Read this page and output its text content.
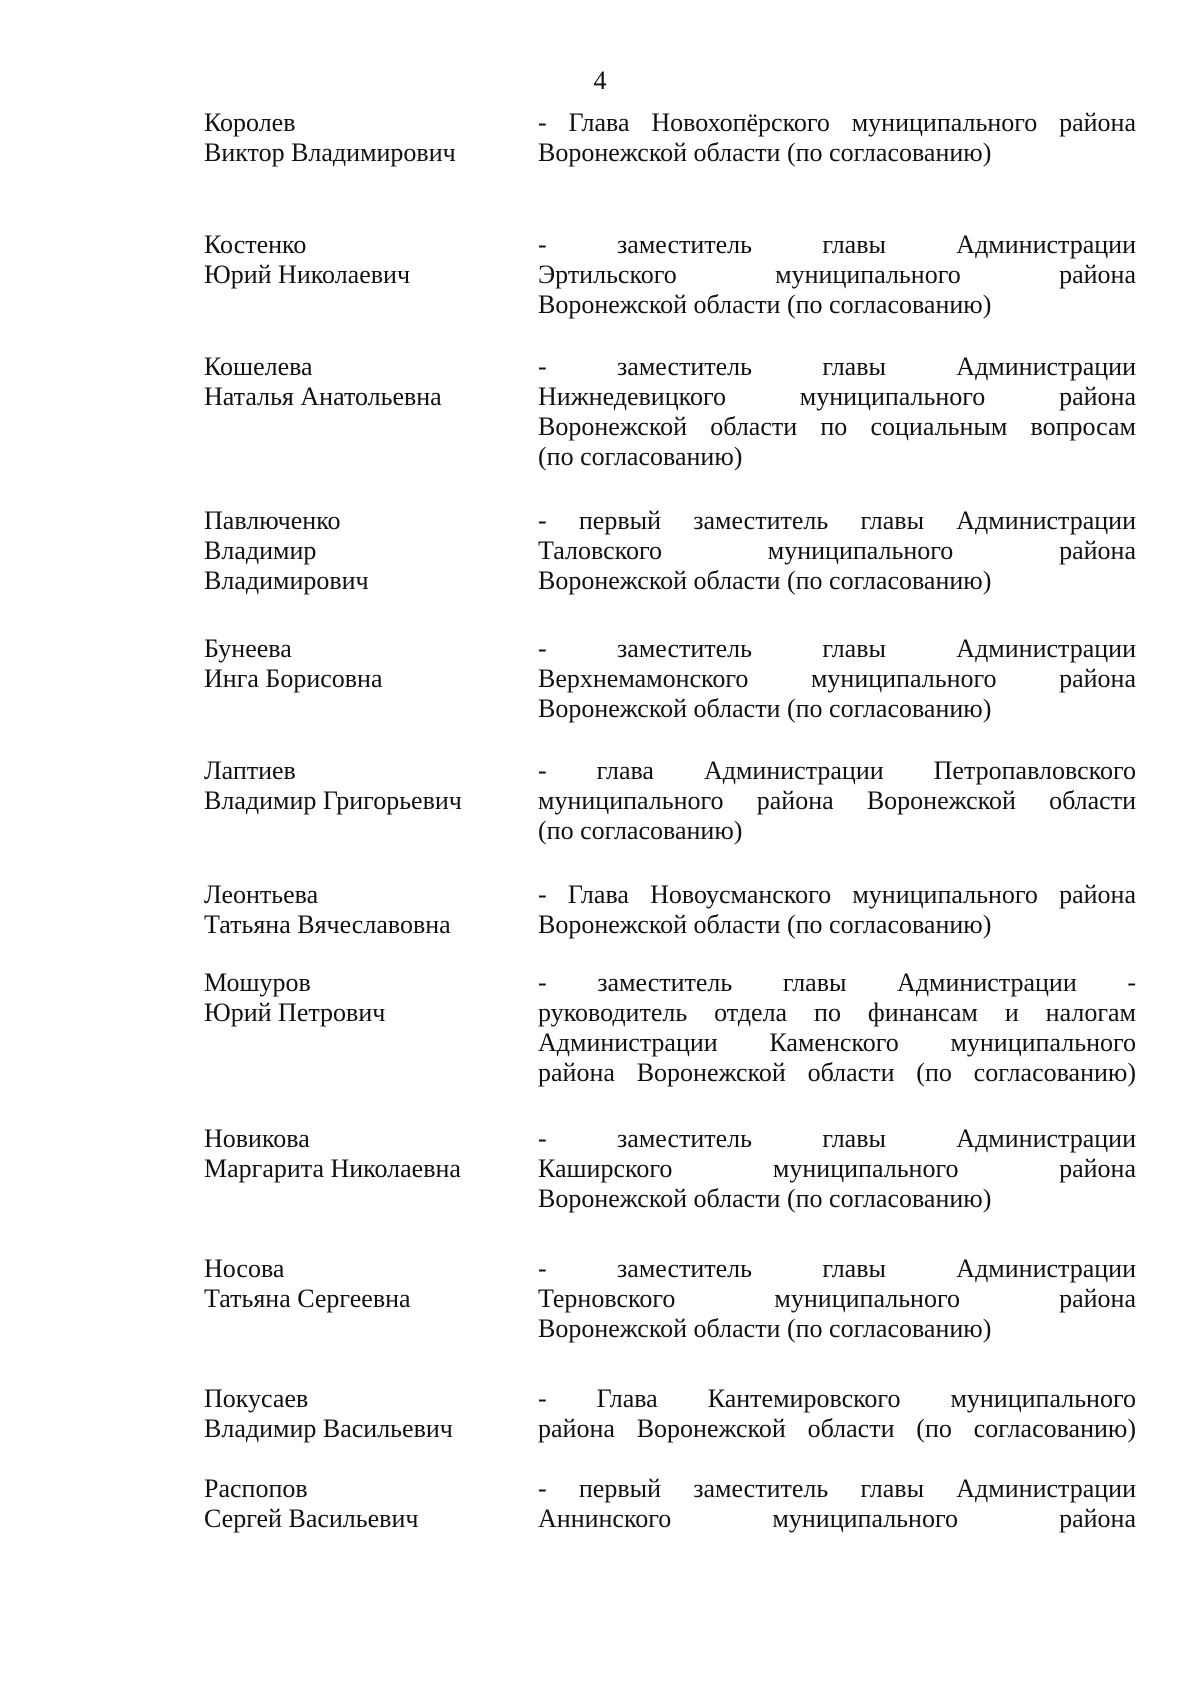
4
Королев
Виктор Владимирович
- Глава Новохопёрского муниципального района
Воронежской области (по согласованию)
Костенко
Юрий Николаевич
- заместитель главы Администрации
Эртильского муниципального района
Воронежской области (по согласованию)
Кошелева
Наталья Анатольевна
- заместитель главы Администрации
Нижнедевицкого муниципального района
Воронежской области по социальным вопросам
(по согласованию)
Павлюченко
Владимир
Владимирович
- первый заместитель главы Администрации
Таловского муниципального района
Воронежской области (по согласованию)
Бунеева
Инга Борисовна
- заместитель главы Администрации
Верхнемамонского муниципального района
Воронежской области (по согласованию)
Лаптиев
Владимир Григорьевич
- глава Администрации Петропавловского
муниципального района Воронежской области
(по согласованию)
Леонтьева
Татьяна Вячеславовна
- Глава Новоусманского муниципального района
Воронежской области (по согласованию)
Мошуров
Юрий Петрович
- заместитель главы Администрации -
руководитель отдела по финансам и налогам
Администрации Каменского муниципального
района Воронежской области (по согласованию)
Новикова
Маргарита Николаевна
- заместитель главы Администрации
Каширского муниципального района
Воронежской области (по согласованию)
Носова
Татьяна Сергеевна
- заместитель главы Администрации
Терновского муниципального района
Воронежской области (по согласованию)
Покусаев
Владимир Васильевич
- Глава Кантемировского муниципального
района Воронежской области (по согласованию)
Распопов
Сергей Васильевич
- первый заместитель главы Администрации
Аннинского муниципального района
